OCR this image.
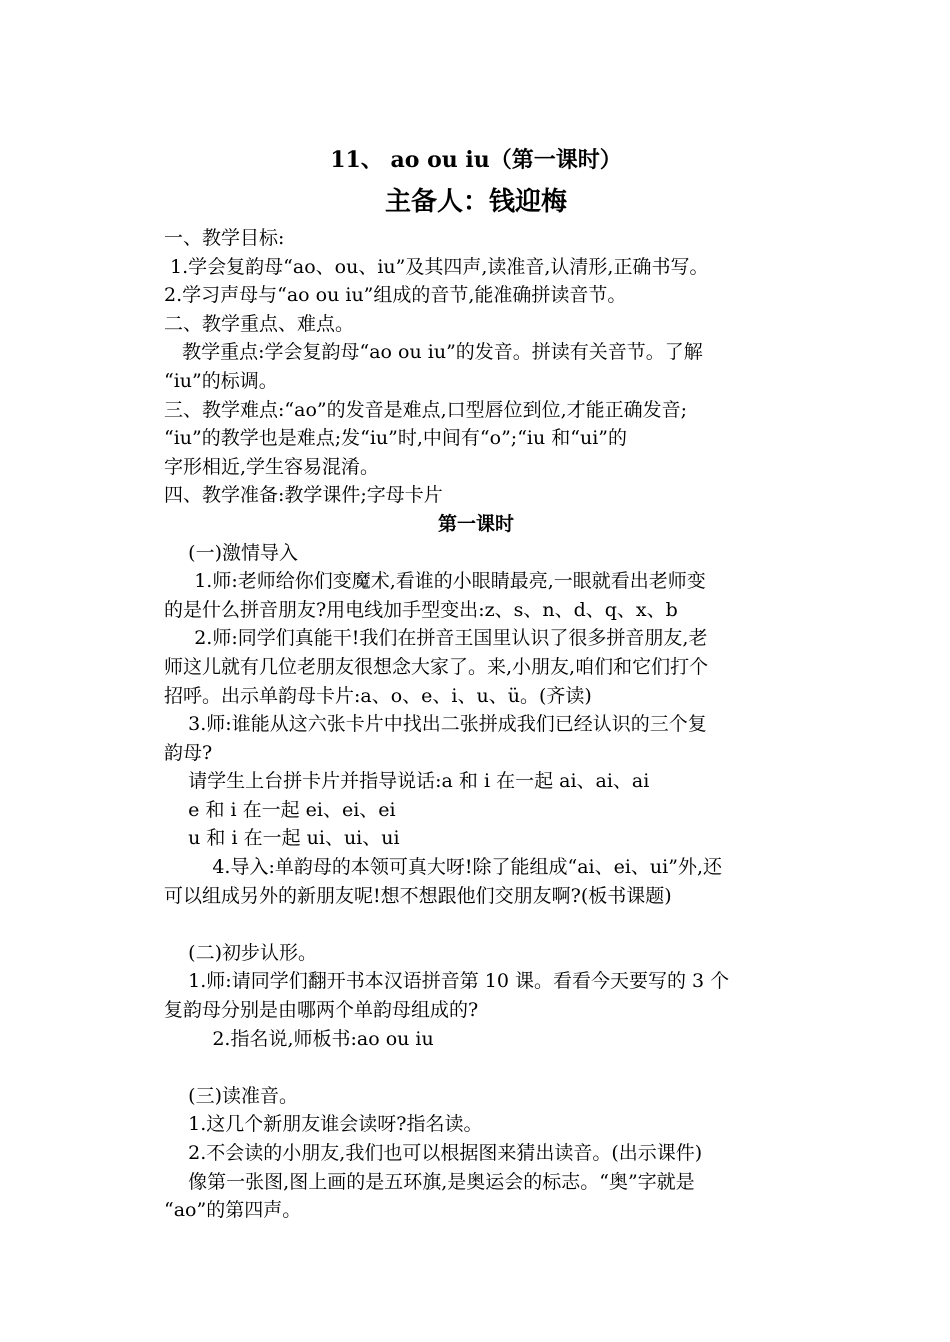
11、 ao ou iu（第一课时）
主备人：钱迎梅
一、教学目标:
1.学会复韵母“ao、ou、iu”及其四声,读准音,认清形,正确书写。
2.学习声母与“ao ou iu”组成的音节,能准确拼读音节。
二、教学重点、难点。
教学重点:学会复韵母“ao ou iu”的发音。拼读有关音节。了解
“iu”的标调。
三、教学难点:“ao”的发音是难点,口型唇位到位,才能正确发音;
“iu”的教学也是难点;发“iu”时,中间有“o”;“iu 和“ui”的
字形相近,学生容易混淆。
四、教学准备:教学课件;字母卡片
第一课时
(一)激情导入
1.师:老师给你们变魔术,看谁的小眼睛最亮,一眼就看出老师变
的是什么拼音朋友?用电线加手型变出:z、s、n、d、q、x、b
2.师:同学们真能干!我们在拼音王国里认识了很多拼音朋友,老
师这儿就有几位老朋友很想念大家了。来,小朋友,咱们和它们打个
招呼。出示单韵母卡片:a、o、e、i、u、ü。(齐读)
3.师:谁能从这六张卡片中找出二张拼成我们已经认识的三个复
韵母?
请学生上台拼卡片并指导说话:a 和 i 在一起 ai、ai、ai
e 和 i 在一起 ei、ei、ei
u 和 i 在一起 ui、ui、ui
4.导入:单韵母的本领可真大呀!除了能组成“ai、ei、ui”外,还
可以组成另外的新朋友呢!想不想跟他们交朋友啊?(板书课题)
(二)初步认形。
1.师:请同学们翻开书本汉语拼音第 10 课。看看今天要写的 3 个
复韵母分别是由哪两个单韵母组成的?
2.指名说,师板书:ao ou iu
(三)读准音。
1.这几个新朋友谁会读呀?指名读。
2.不会读的小朋友,我们也可以根据图来猜出读音。(出示课件)
像第一张图,图上画的是五环旗,是奥运会的标志。“奥”字就是
“ao”的第四声。
